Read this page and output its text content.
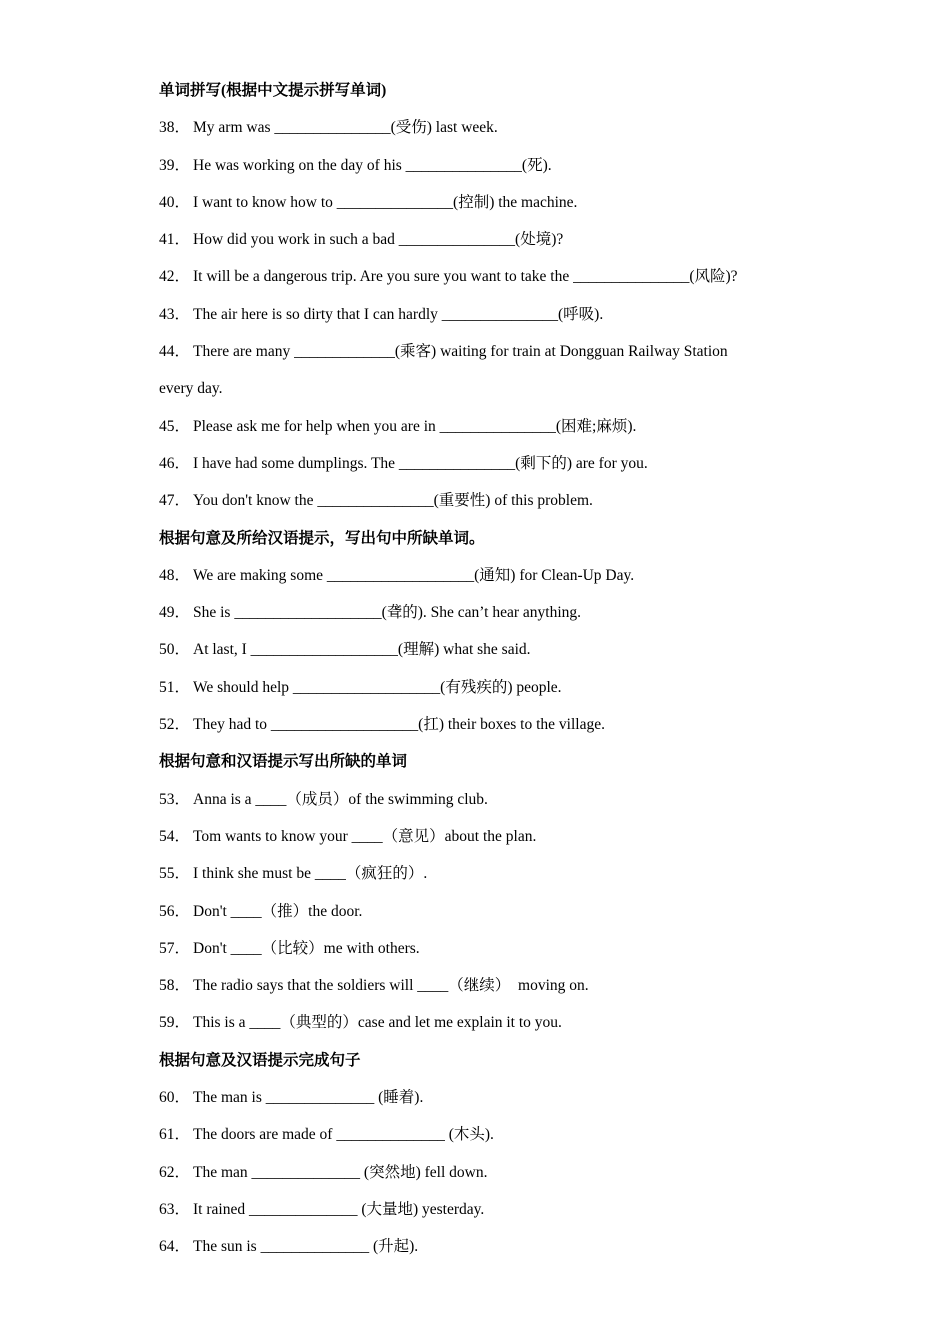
单词拼写(根据中文提示拼写单词)
38． My arm was _______________(受伤) last week.
39． He was working on the day of his _______________(死).
40． I want to know how to _______________(控制) the machine.
41． How did you work in such a bad _______________(处境)?
42． It will be a dangerous trip. Are you sure you want to take the _______________(风险)?
43． The air here is so dirty that I can hardly _______________(呼吸).
44． There are many _____________(乘客) waiting for train at Dongguan Railway Station
every day.
45． Please ask me for help when you are in _______________(困难;麻烦).
46． I have had some dumplings. The _______________(剩下的) are for you.
47． You don't know the _______________(重要性) of this problem.
根据句意及所给汉语提示，写出句中所缺单词。
48． We are making some ___________________(通知) for Clean-Up Day.
49． She is ___________________(聋的). She can’t hear anything.
50． At last, I ___________________(理解) what she said.
51． We should help ___________________(有残疾的) people.
52． They had to ___________________(扛) their boxes to the village.
根据句意和汉语提示写出所缺的单词
53． Anna is a ____（成员）of the swimming club.
54． Tom wants to know your ____（意见）about the plan.
55． I think she must be ____（疯狂的）.
56． Don't ____（推）the door.
57． Don't ____（比较）me with others.
58． The radio says that the soldiers will ____（继续）  moving on.
59． This is a ____（典型的）case and let me explain it to you.
根据句意及汉语提示完成句子
60． The man is ______________ (睡着).
61． The doors are made of ______________ (木头).
62． The man ______________ (突然地) fell down.
63． It rained ______________ (大量地) yesterday.
64． The sun is ______________ (升起).
